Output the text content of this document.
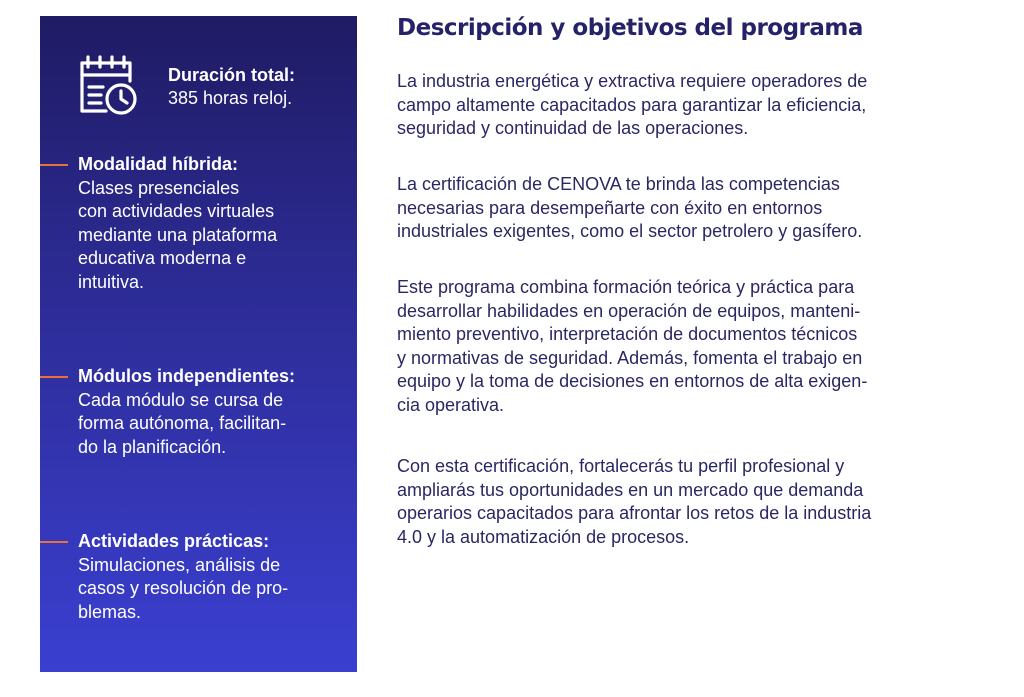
Duración total:
385 horas reloj.
Modalidad híbrida:
Clases presenciales
con actividades virtuales
mediante una plataforma
educativa moderna e
intuitiva.
Módulos independientes:
Cada módulo se cursa de
forma autónoma, facilitan-
do la planificación.
Actividades prácticas:
Simulaciones, análisis de
casos y resolución de pro-
blemas.
Descripción y objetivos del programa

La industria energética y extractiva requiere operadores de
campo altamente capacitados para garantizar la eficiencia,
seguridad y continuidad de las operaciones.

La certificación de CENOVA te brinda las competencias
necesarias para desempeñarte con éxito en entornos
industriales exigentes, como el sector petrolero y gasífero.

Este programa combina formación teórica y práctica para
desarrollar habilidades en operación de equipos, manteni-
miento preventivo, interpretación de documentos técnicos
y normativas de seguridad. Además, fomenta el trabajo en
equipo y la toma de decisiones en entornos de alta exigen-
cia operativa.

Con esta certificación, fortalecerás tu perfil profesional y
ampliarás tus oportunidades en un mercado que demanda
operarios capacitados para afrontar los retos de la industria
4.0 y la automatización de procesos.
